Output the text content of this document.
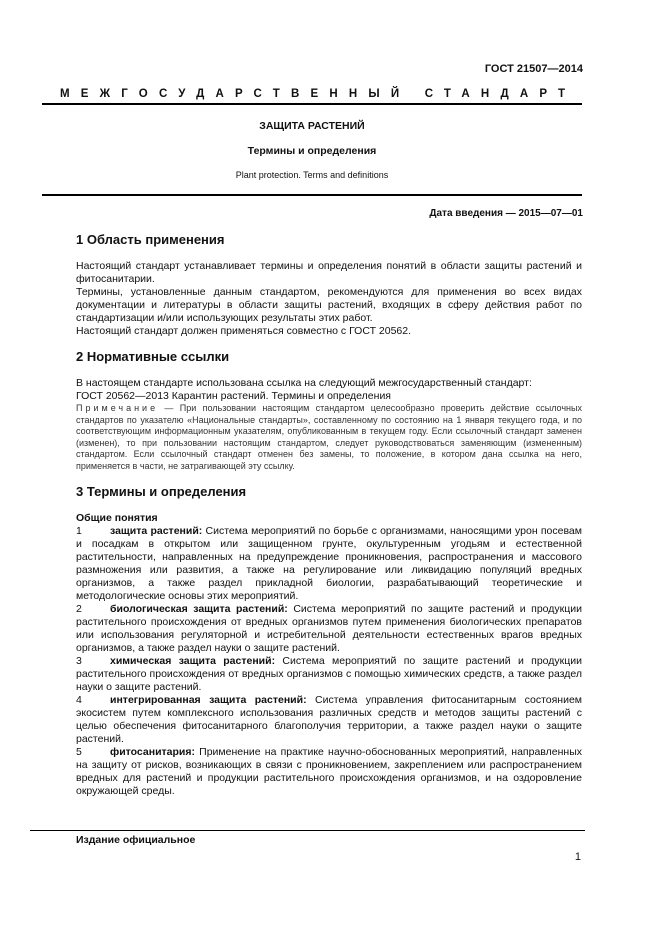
ГОСТ 21507—2014
МЕЖГОСУДАРСТВЕННЫЙ СТАНДАРТ
ЗАЩИТА РАСТЕНИЙ
Термины и определения
Plant protection. Terms and definitions
Дата введения — 2015—07—01
1 Область применения
Настоящий стандарт устанавливает термины и определения понятий в области защиты растений и фитосанитарии.
Термины, установленные данным стандартом, рекомендуются для применения во всех видах документации и литературы в области защиты растений, входящих в сферу действия работ по стандартизации и/или использующих результаты этих работ.
Настоящий стандарт должен применяться совместно с ГОСТ 20562.
2 Нормативные ссылки
В настоящем стандарте использована ссылка на следующий межгосударственный стандарт:
ГОСТ 20562—2013 Карантин растений. Термины и определения
Примечание — При пользовании настоящим стандартом целесообразно проверить действие ссылочных стандартов по указателю «Национальные стандарты», составленному по состоянию на 1 января текущего года, и по соответствующим информационным указателям, опубликованным в текущем году. Если ссылочный стандарт заменен (изменен), то при пользовании настоящим стандартом, следует руководствоваться заменяющим (измененным) стандартом. Если ссылочный стандарт отменен без замены, то положение, в котором дана ссылка на него, применяется в части, не затрагивающей эту ссылку.
3 Термины и определения
Общие понятия
1	защита растений: Система мероприятий по борьбе с организмами, наносящими урон посевам и посадкам в открытом или защищенном грунте, окультуренным угодьям и естественной растительности, направленных на предупреждение проникновения, распространения и массового размножения или развития, а также на регулирование или ликвидацию популяций вредных организмов, а также раздел прикладной биологии, разрабатывающий теоретические и методологические основы этих мероприятий.
2	биологическая защита растений: Система мероприятий по защите растений и продукции растительного происхождения от вредных организмов путем применения биологических препаратов или использования регуляторной и истребительной деятельности естественных врагов вредных организмов, а также раздел науки о защите растений.
3	химическая защита растений: Система мероприятий по защите растений и продукции растительного происхождения от вредных организмов с помощью химических средств, а также раздел науки о защите растений.
4	интегрированная защита растений: Система управления фитосанитарным состоянием экосистем путем комплексного использования различных средств и методов защиты растений с целью обеспечения фитосанитарного благополучия территории, а также раздел науки о защите растений.
5	фитосанитария: Применение на практике научно-обоснованных мероприятий, направленных на защиту от рисков, возникающих в связи с проникновением, закреплением или распространением вредных для растений и продукции растительного происхождения организмов, и на оздоровление окружающей среды.
Издание официальное
1
